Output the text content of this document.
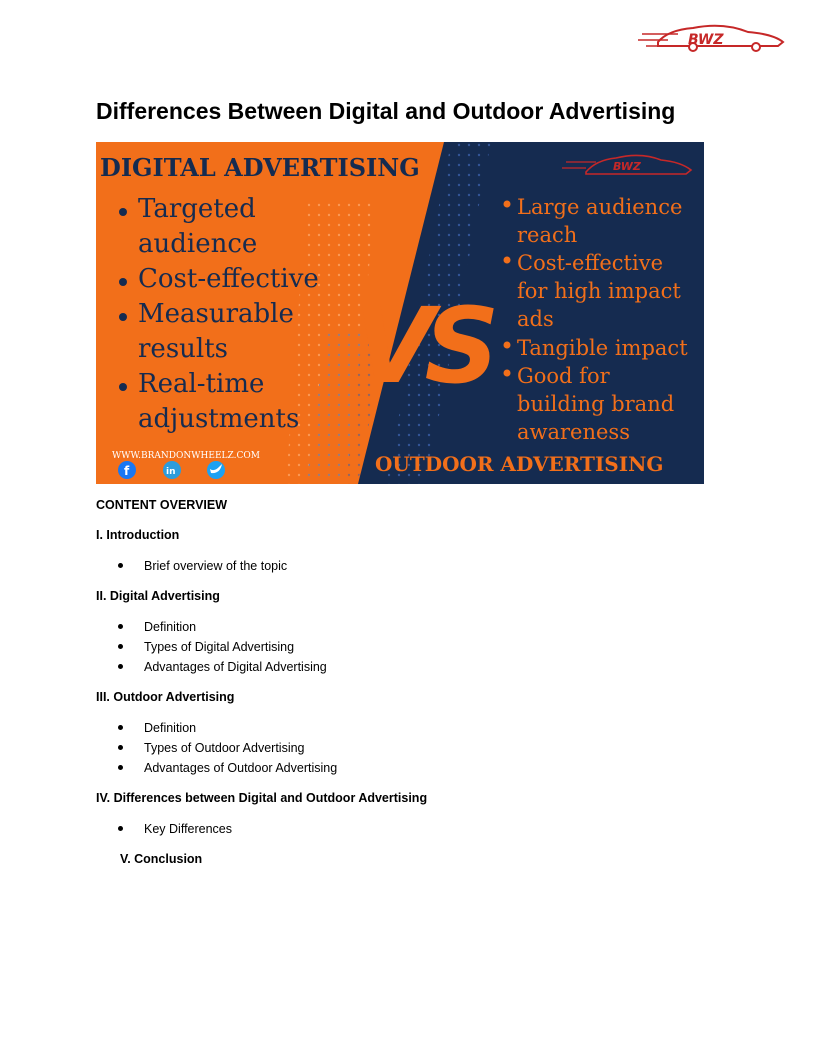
BWZ
Differences Between Digital and Outdoor Advertising
DIGITAL ADVERTISING
Targeted
audience
Cost-effective
Measurable
results
Real-time
adjustments
VS
BWZ
Large audience
reach
Cost-effective
for high impact
ads
Tangible impact
Good for
building brand
awareness
OUTDOOR ADVERTISING
WWW.BRANDONWHEELZ.COM
f	in

CONTENT OVERVIEW

I. Introduction

Brief overview of the topic

II. Digital Advertising

Definition
Types of Digital Advertising
Advantages of Digital Advertising

III. Outdoor Advertising

Definition
Types of Outdoor Advertising
Advantages of Outdoor Advertising

IV. Differences between Digital and Outdoor Advertising

Key Differences

V. Conclusion
